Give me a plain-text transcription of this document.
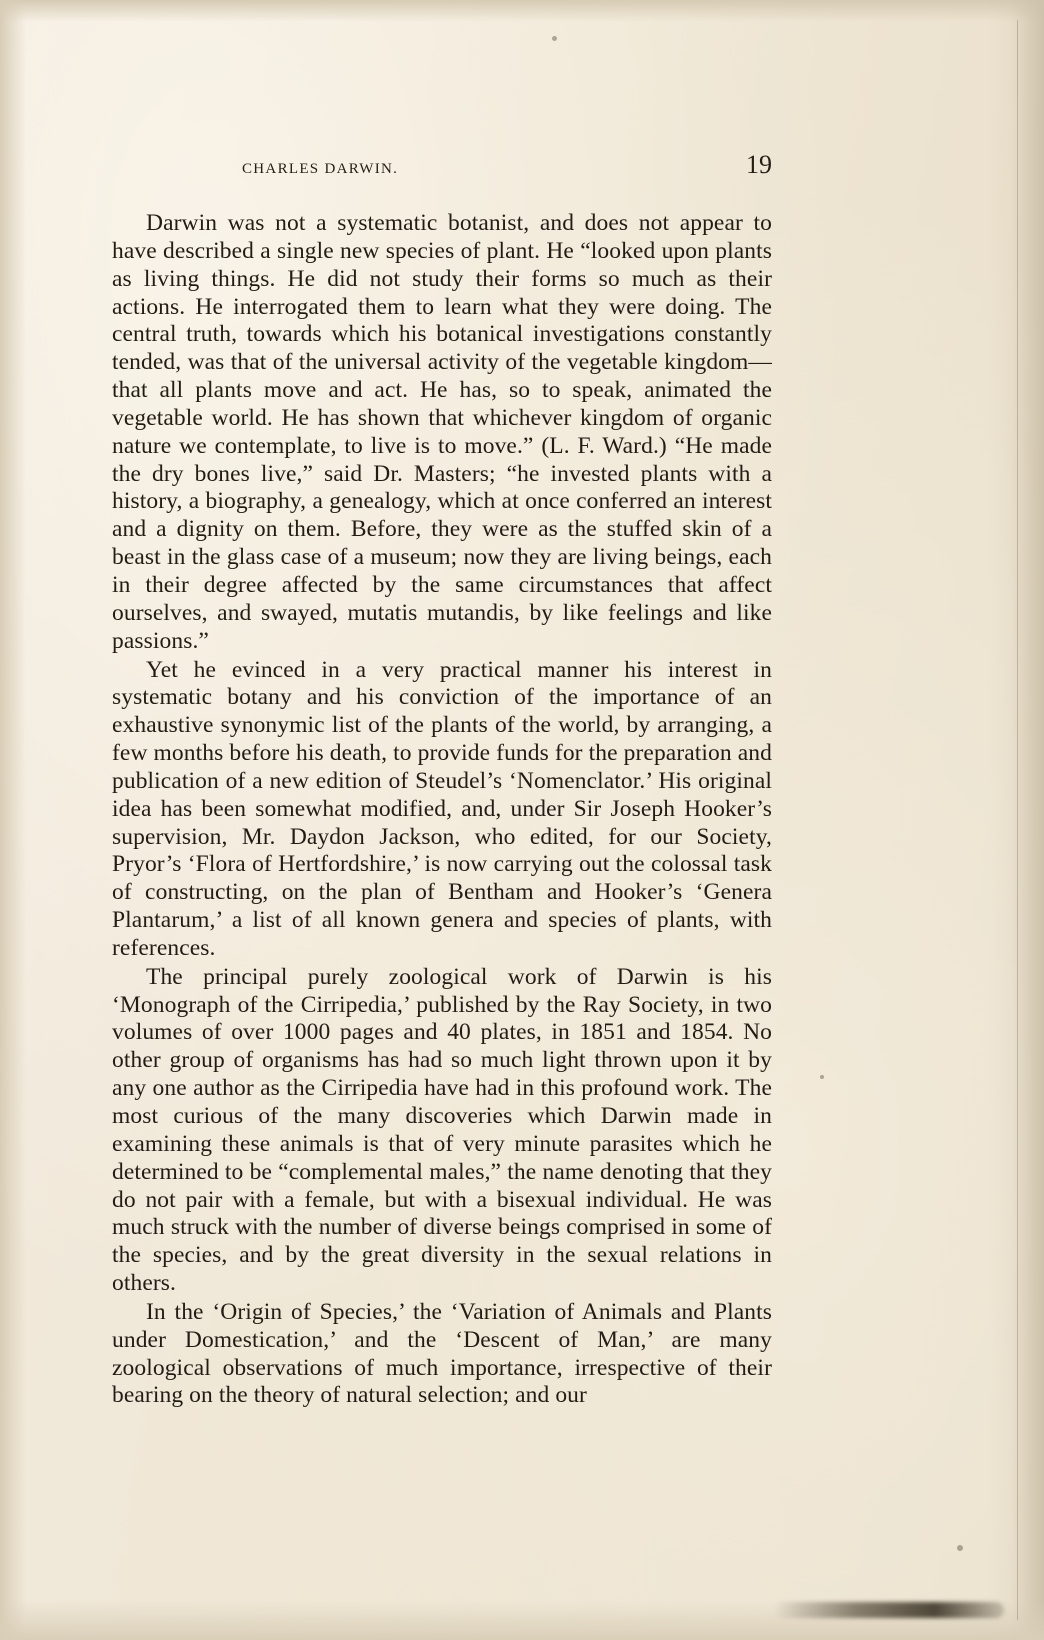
CHARLES DARWIN.	19

Darwin was not a systematic botanist, and does not appear to have described a single new species of plant. He “looked upon plants as living things. He did not study their forms so much as their actions. He interrogated them to learn what they were doing. The central truth, towards which his botanical investigations constantly tended, was that of the universal activity of the vegetable kingdom—that all plants move and act. He has, so to speak, animated the vegetable world. He has shown that whichever kingdom of organic nature we contemplate, to live is to move.” (L. F. Ward.) “He made the dry bones live,” said Dr. Masters; “he invested plants with a history, a biography, a genealogy, which at once conferred an interest and a dignity on them. Before, they were as the stuffed skin of a beast in the glass case of a museum; now they are living beings, each in their degree affected by the same circumstances that affect ourselves, and swayed, mutatis mutandis, by like feelings and like passions.”

Yet he evinced in a very practical manner his interest in systematic botany and his conviction of the importance of an exhaustive synonymic list of the plants of the world, by arranging, a few months before his death, to provide funds for the preparation and publication of a new edition of Steudel’s ‘Nomenclator.’ His original idea has been somewhat modified, and, under Sir Joseph Hooker’s supervision, Mr. Daydon Jackson, who edited, for our Society, Pryor’s ‘Flora of Hertfordshire,’ is now carrying out the colossal task of constructing, on the plan of Bentham and Hooker’s ‘Genera Plantarum,’ a list of all known genera and species of plants, with references.

The principal purely zoological work of Darwin is his ‘Monograph of the Cirripedia,’ published by the Ray Society, in two volumes of over 1000 pages and 40 plates, in 1851 and 1854. No other group of organisms has had so much light thrown upon it by any one author as the Cirripedia have had in this profound work. The most curious of the many discoveries which Darwin made in examining these animals is that of very minute parasites which he determined to be “complemental males,” the name denoting that they do not pair with a female, but with a bisexual individual. He was much struck with the number of diverse beings comprised in some of the species, and by the great diversity in the sexual relations in others.

In the ‘Origin of Species,’ the ‘Variation of Animals and Plants under Domestication,’ and the ‘Descent of Man,’ are many zoological observations of much importance, irrespective of their bearing on the theory of natural selection; and our
